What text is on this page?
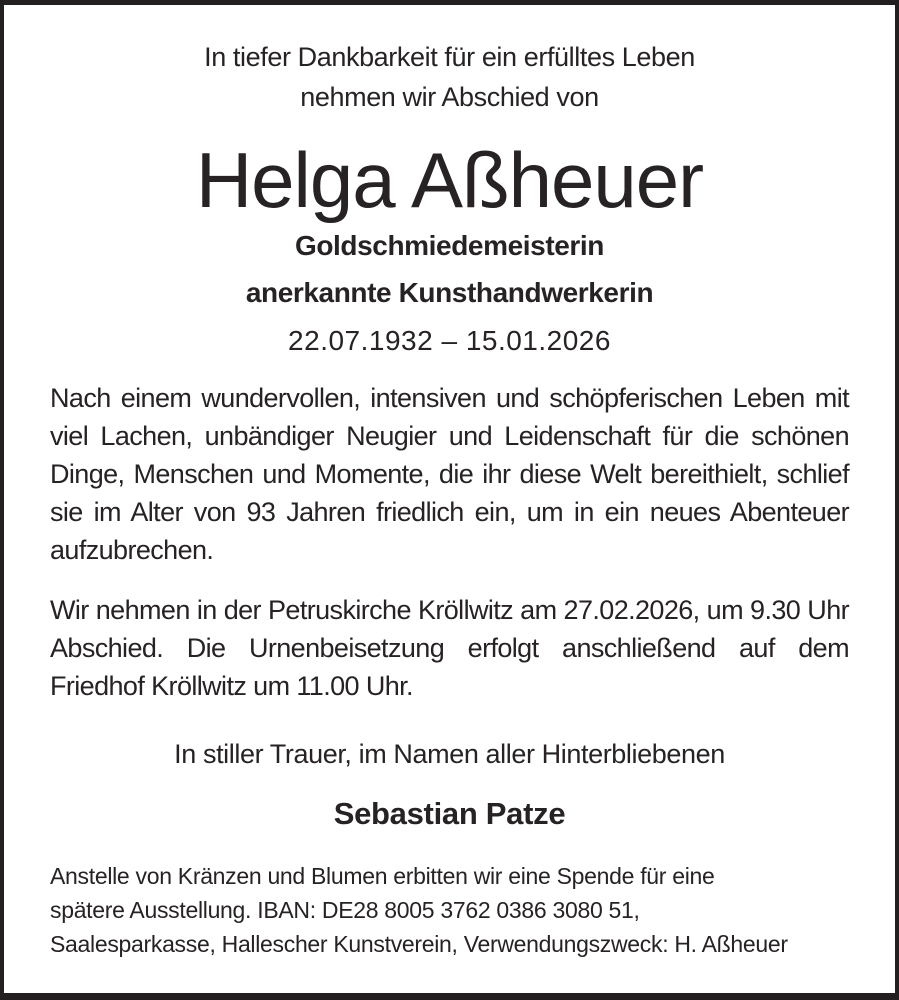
In tiefer Dankbarkeit für ein erfülltes Leben
nehmen wir Abschied von
Helga Aßheuer
Goldschmiedemeisterin
anerkannte Kunsthandwerkerin
22.07.1932 – 15.01.2026

Nach einem wundervollen, intensiven und schöpferischen Leben mit viel Lachen, unbändiger Neugier und Leidenschaft für die schönen Dinge, Menschen und Momente, die ihr diese Welt bereithielt, schlief sie im Alter von 93 Jahren friedlich ein, um in ein neues Abenteuer aufzubrechen.

Wir nehmen in der Petruskirche Kröllwitz am 27.02.2026, um 9.30 Uhr Abschied. Die Urnenbeisetzung erfolgt anschließend auf dem Friedhof Kröllwitz um 11.00 Uhr.

In stiller Trauer, im Namen aller Hinterbliebenen
Sebastian Patze
Anstelle von Kränzen und Blumen erbitten wir eine Spende für eine
spätere Ausstellung. IBAN: DE28 8005 3762 0386 3080 51,
Saalesparkasse, Hallescher Kunstverein, Verwendungszweck: H. Aßheuer
